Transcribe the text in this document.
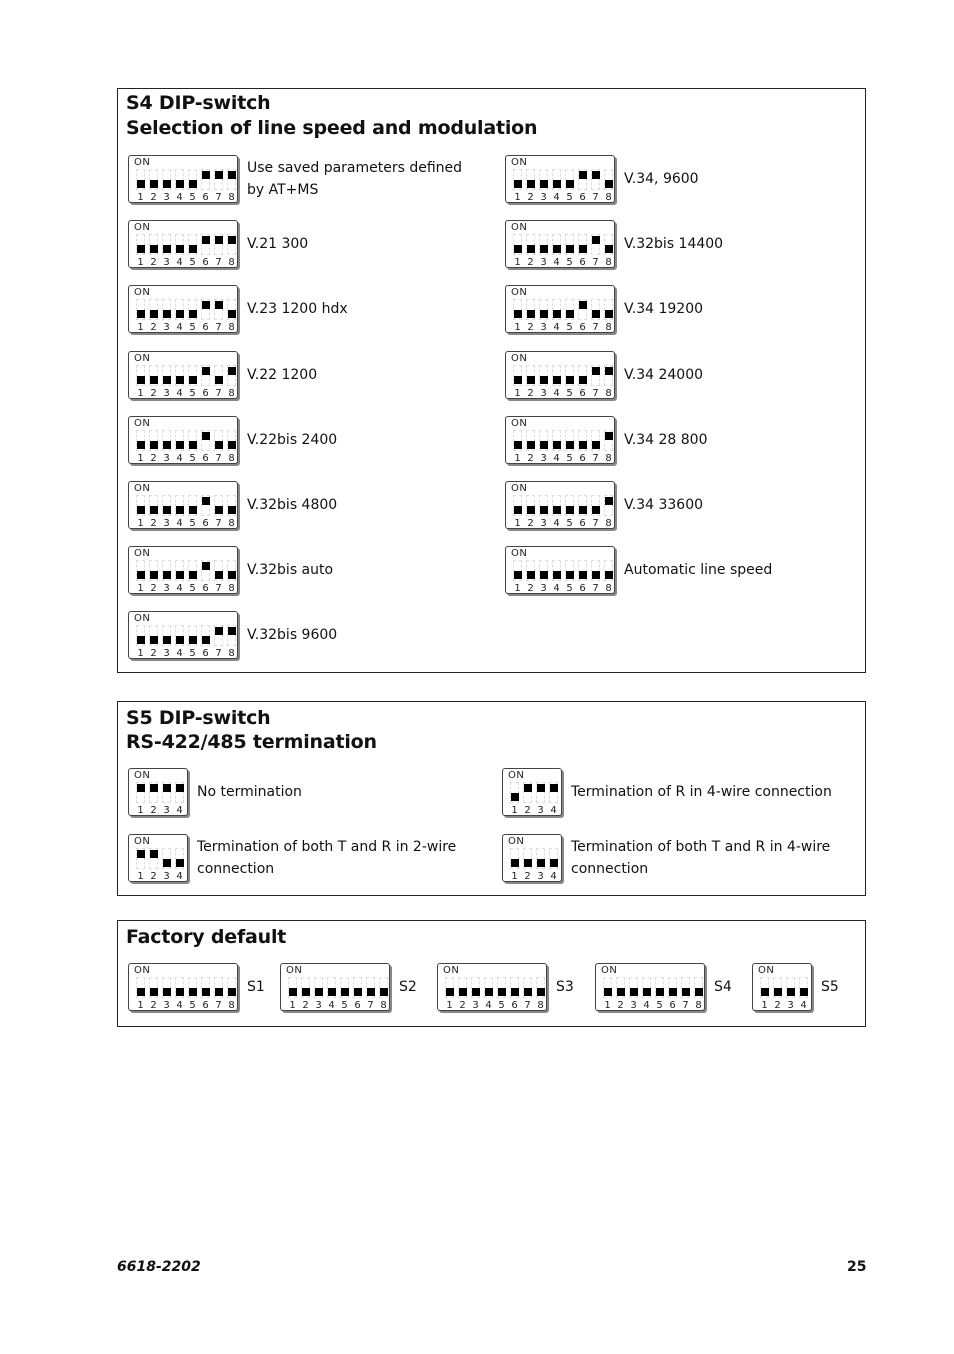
S4 DIP-switch
Selection of line speed and modulation
ON
1 2 3 4 5 6 7 8
Use saved parameters defined by AT+MS
ON
1 2 3 4 5 6 7 8
V.21 300
ON
1 2 3 4 5 6 7 8
V.23 1200 hdx
ON
1 2 3 4 5 6 7 8
V.22 1200
ON
1 2 3 4 5 6 7 8
V.22bis 2400
ON
1 2 3 4 5 6 7 8
V.32bis 4800
ON
1 2 3 4 5 6 7 8
V.32bis auto
ON
1 2 3 4 5 6 7 8
V.32bis 9600
ON
1 2 3 4 5 6 7 8
V.34, 9600
ON
1 2 3 4 5 6 7 8
V.32bis 14400
ON
1 2 3 4 5 6 7 8
V.34 19200
ON
1 2 3 4 5 6 7 8
V.34 24000
ON
1 2 3 4 5 6 7 8
V.34 28 800
ON
1 2 3 4 5 6 7 8
V.34 33600
ON
1 2 3 4 5 6 7 8
Automatic line speed
S5 DIP-switch
RS-422/485 termination
ON
1 2 3 4
No termination
ON
1 2 3 4
Termination of R in 4-wire connection
ON
1 2 3 4
Termination of both T and R in 2-wire connection
ON
1 2 3 4
Termination of both T and R in 4-wire connection
Factory default
ON
1 2 3 4 5 6 7 8
S1
ON
1 2 3 4 5 6 7 8
S2
ON
1 2 3 4 5 6 7 8
S3
ON
1 2 3 4 5 6 7 8
S4
ON
1 2 3 4
S5
6618-2202	25
